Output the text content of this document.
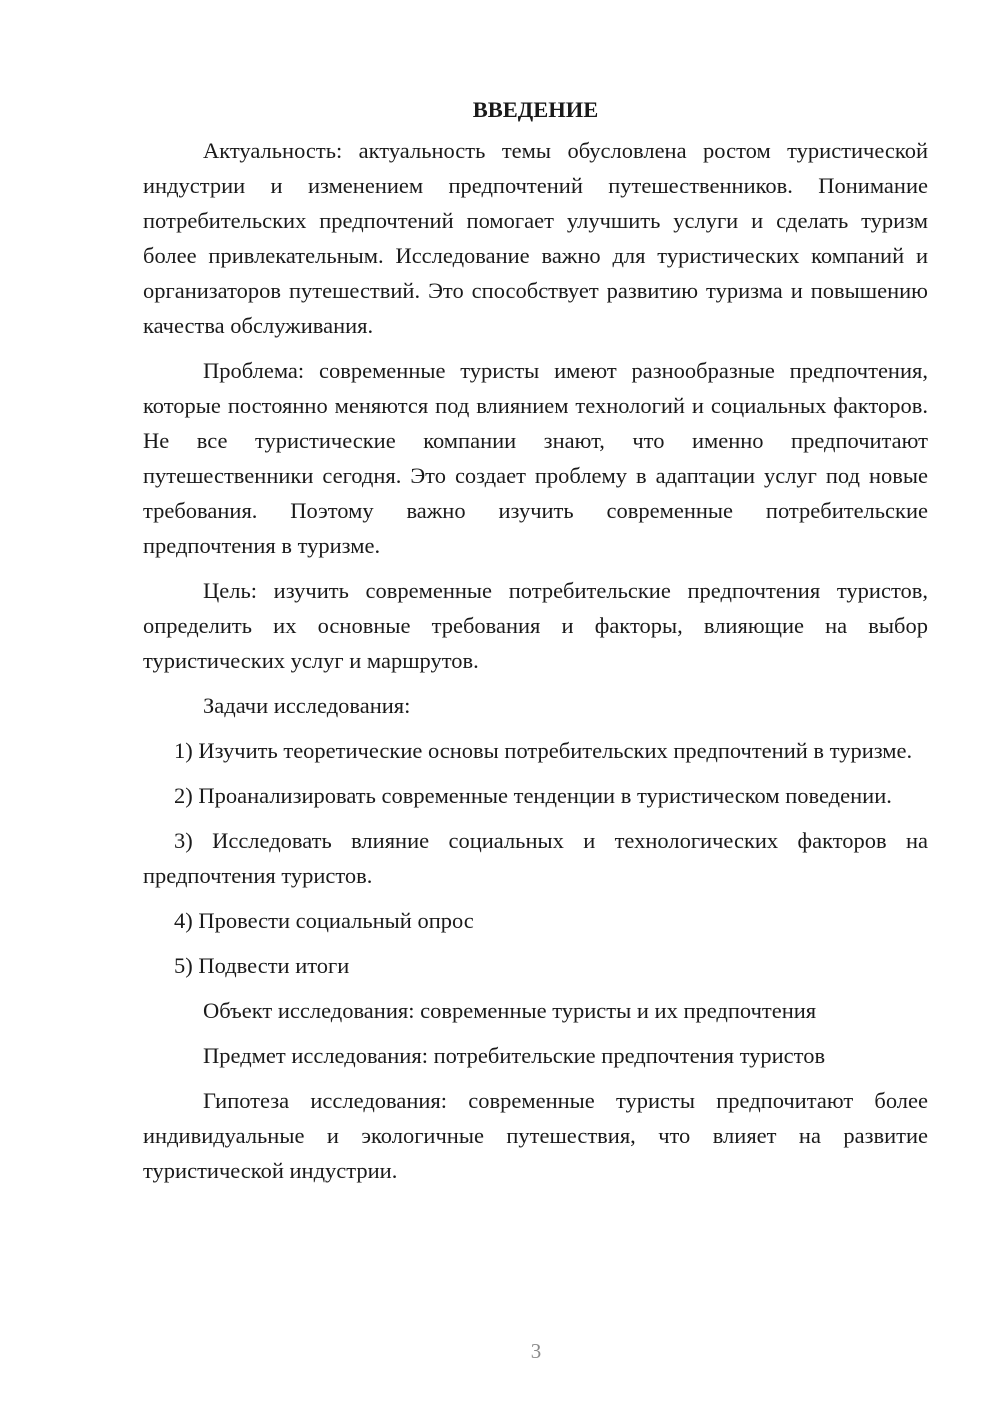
ВВЕДЕНИЕ

Актуальность: актуальность темы обусловлена ростом туристической индустрии и изменением предпочтений путешественников. Понимание потребительских предпочтений помогает улучшить услуги и сделать туризм более привлекательным. Исследование важно для туристических компаний и организаторов путешествий. Это способствует развитию туризма и повышению качества обслуживания.

Проблема: современные туристы имеют разнообразные предпочтения, которые постоянно меняются под влиянием технологий и социальных факторов. Не все туристические компании знают, что именно предпочитают путешественники сегодня. Это создает проблему в адаптации услуг под новые требования. Поэтому важно изучить современные потребительские предпочтения в туризме.

Цель: изучить современные потребительские предпочтения туристов, определить их основные требования и факторы, влияющие на выбор туристических услуг и маршрутов.

Задачи исследования:

1) Изучить теоретические основы потребительских предпочтений в туризме.

2) Проанализировать современные тенденции в туристическом поведении.

3) Исследовать влияние социальных и технологических факторов на предпочтения туристов.

4) Провести социальный опрос

5) Подвести итоги

Объект исследования: современные туристы и их предпочтения

Предмет исследования: потребительские предпочтения туристов

Гипотеза исследования: современные туристы предпочитают более индивидуальные и экологичные путешествия, что влияет на развитие туристической индустрии.

3
